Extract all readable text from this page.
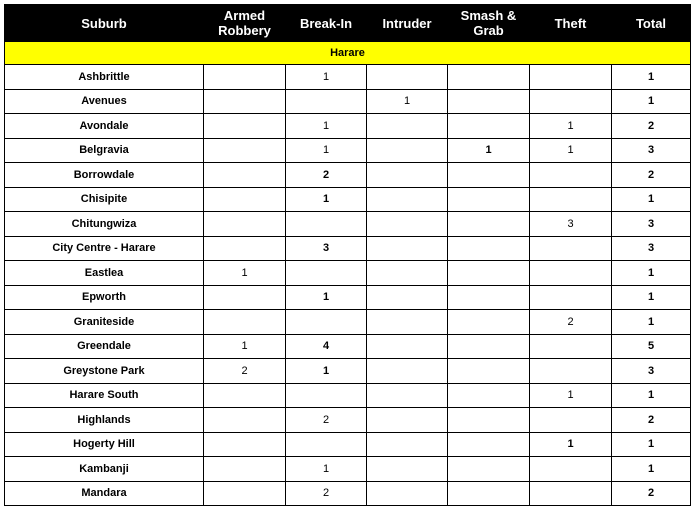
Suburb	Armed Robbery	Break-In	Intruder	Smash & Grab	Theft	Total
Harare						
Ashbrittle		1				1
Avenues			1			1
Avondale		1			1	2
Belgravia		1		1	1	3
Borrowdale		2				2
Chisipite		1				1
Chitungwiza					3	3
City Centre - Harare		3				3
Eastlea	1					1
Epworth		1				1
Graniteside					2	1
Greendale	1	4				5
Greystone Park	2	1				3
Harare South					1	1
Highlands		2				2
Hogerty Hill					1	1
Kambanji		1				1
Mandara		2				2
